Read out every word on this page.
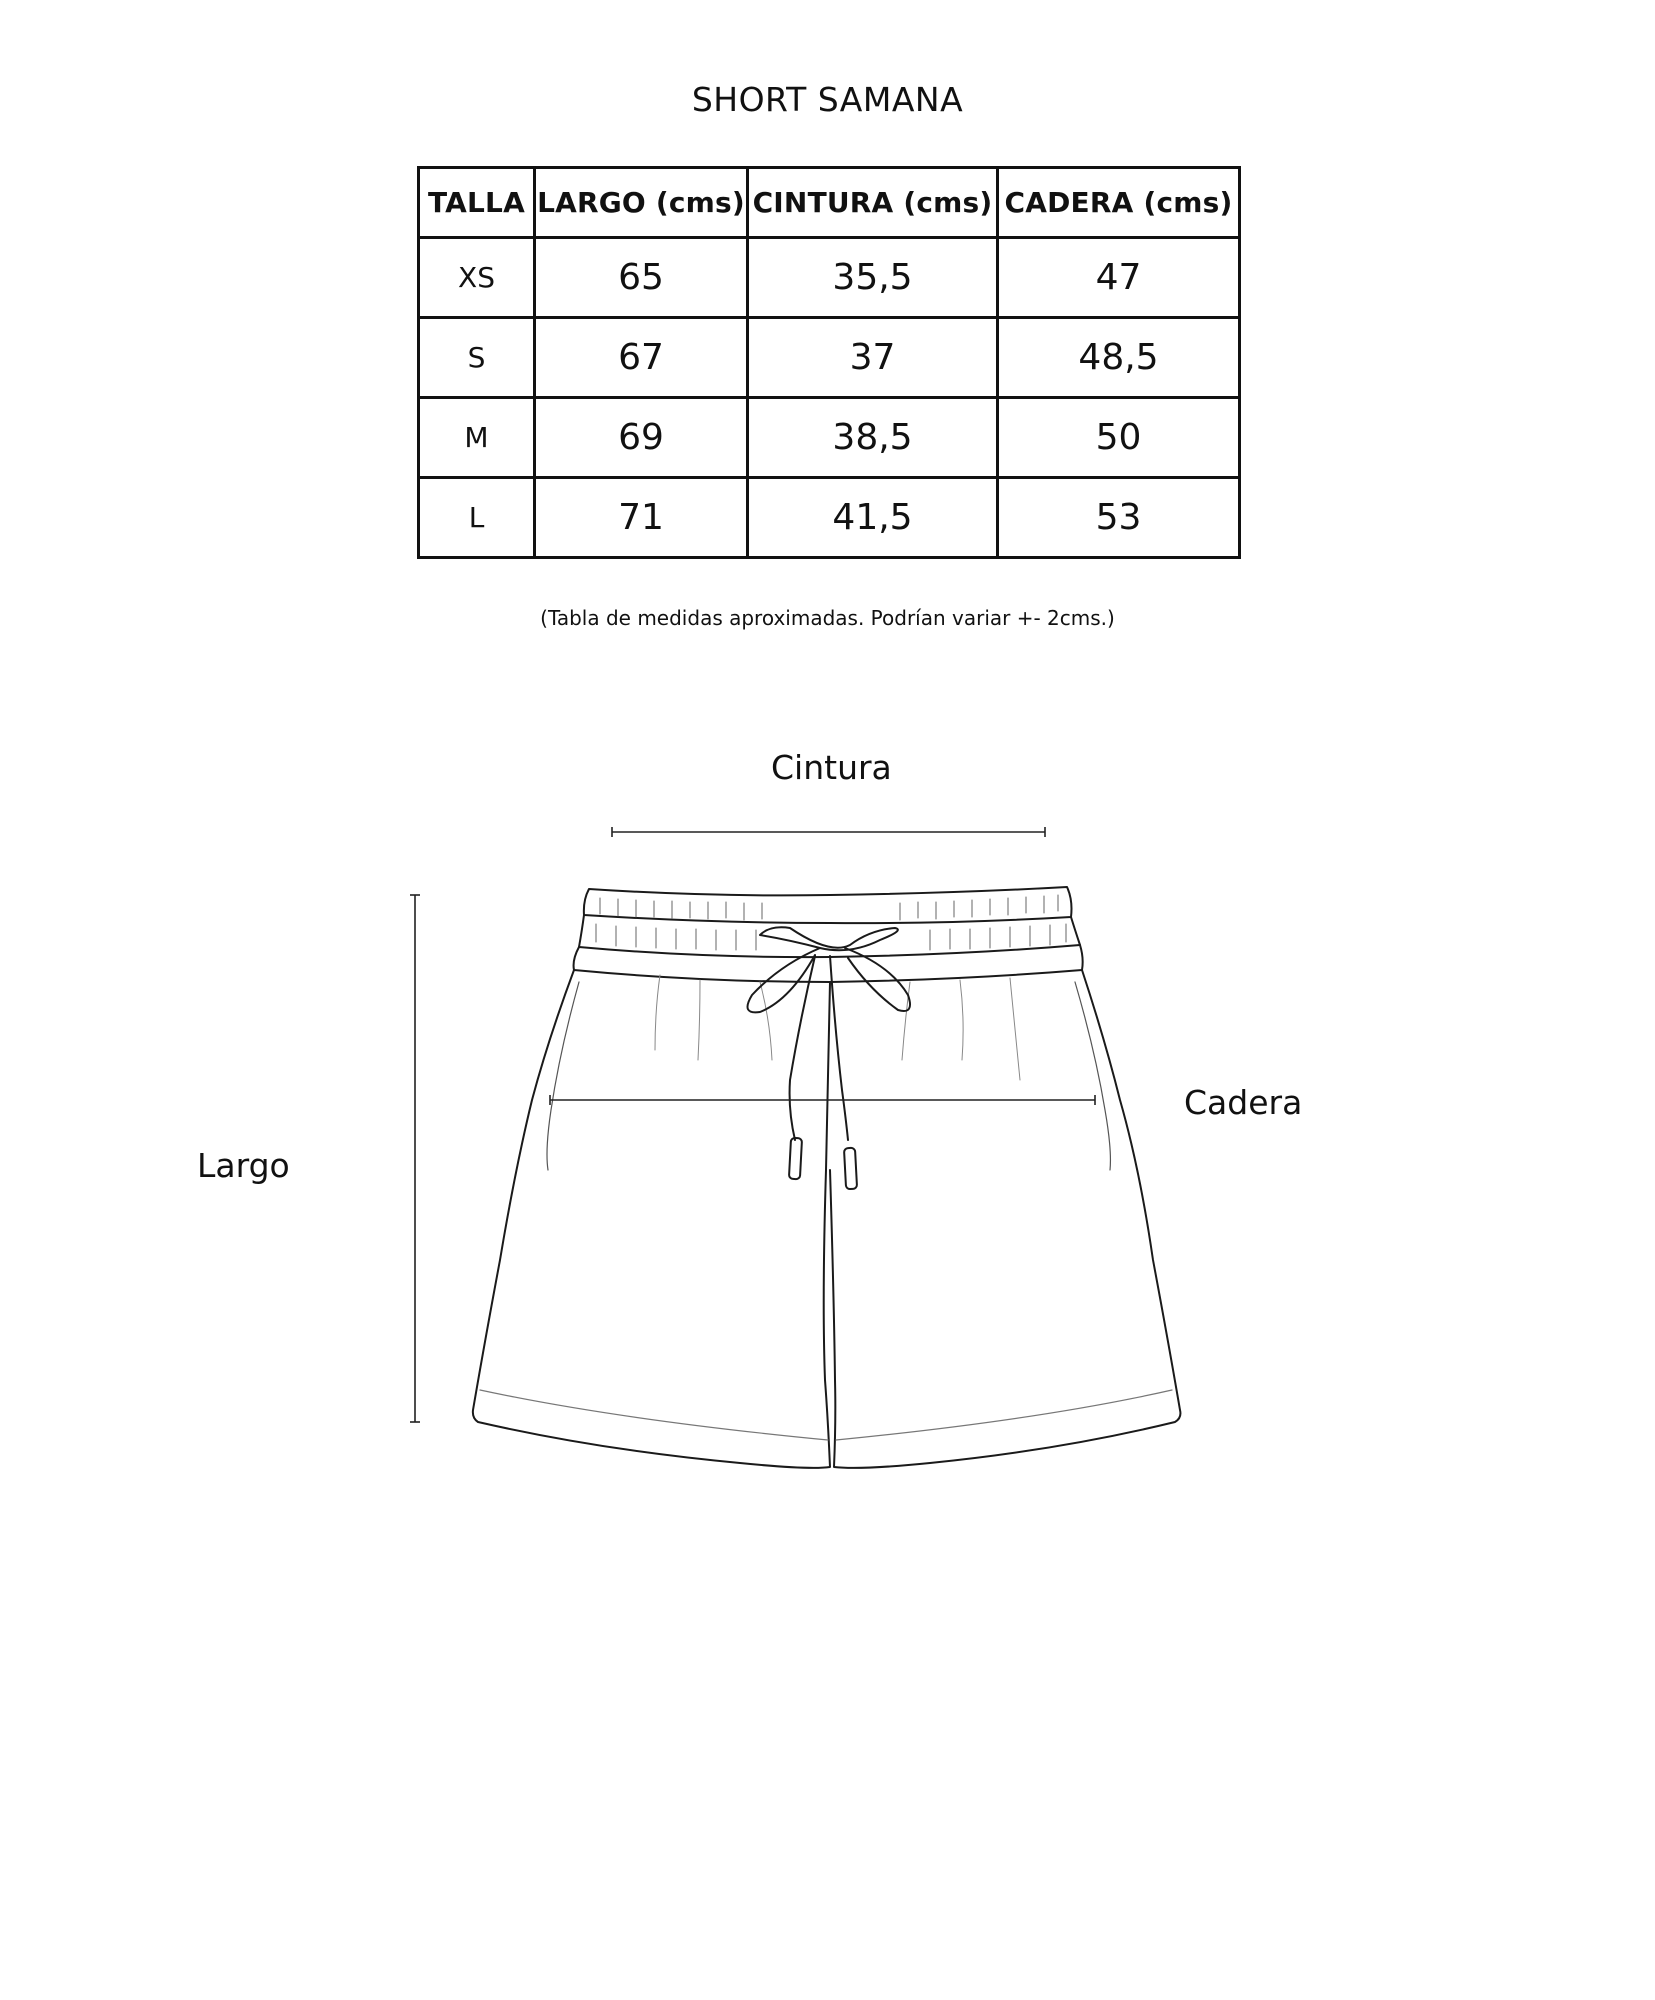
SHORT SAMANA
TALLA	LARGO (cms)	CINTURA (cms)	CADERA (cms)
XS	65	35,5	47
S	67	37	48,5
M	69	38,5	50
L	71	41,5	53
(Tabla de medidas aproximadas. Podrían variar +- 2cms.)
Cintura
Cadera
Largo
